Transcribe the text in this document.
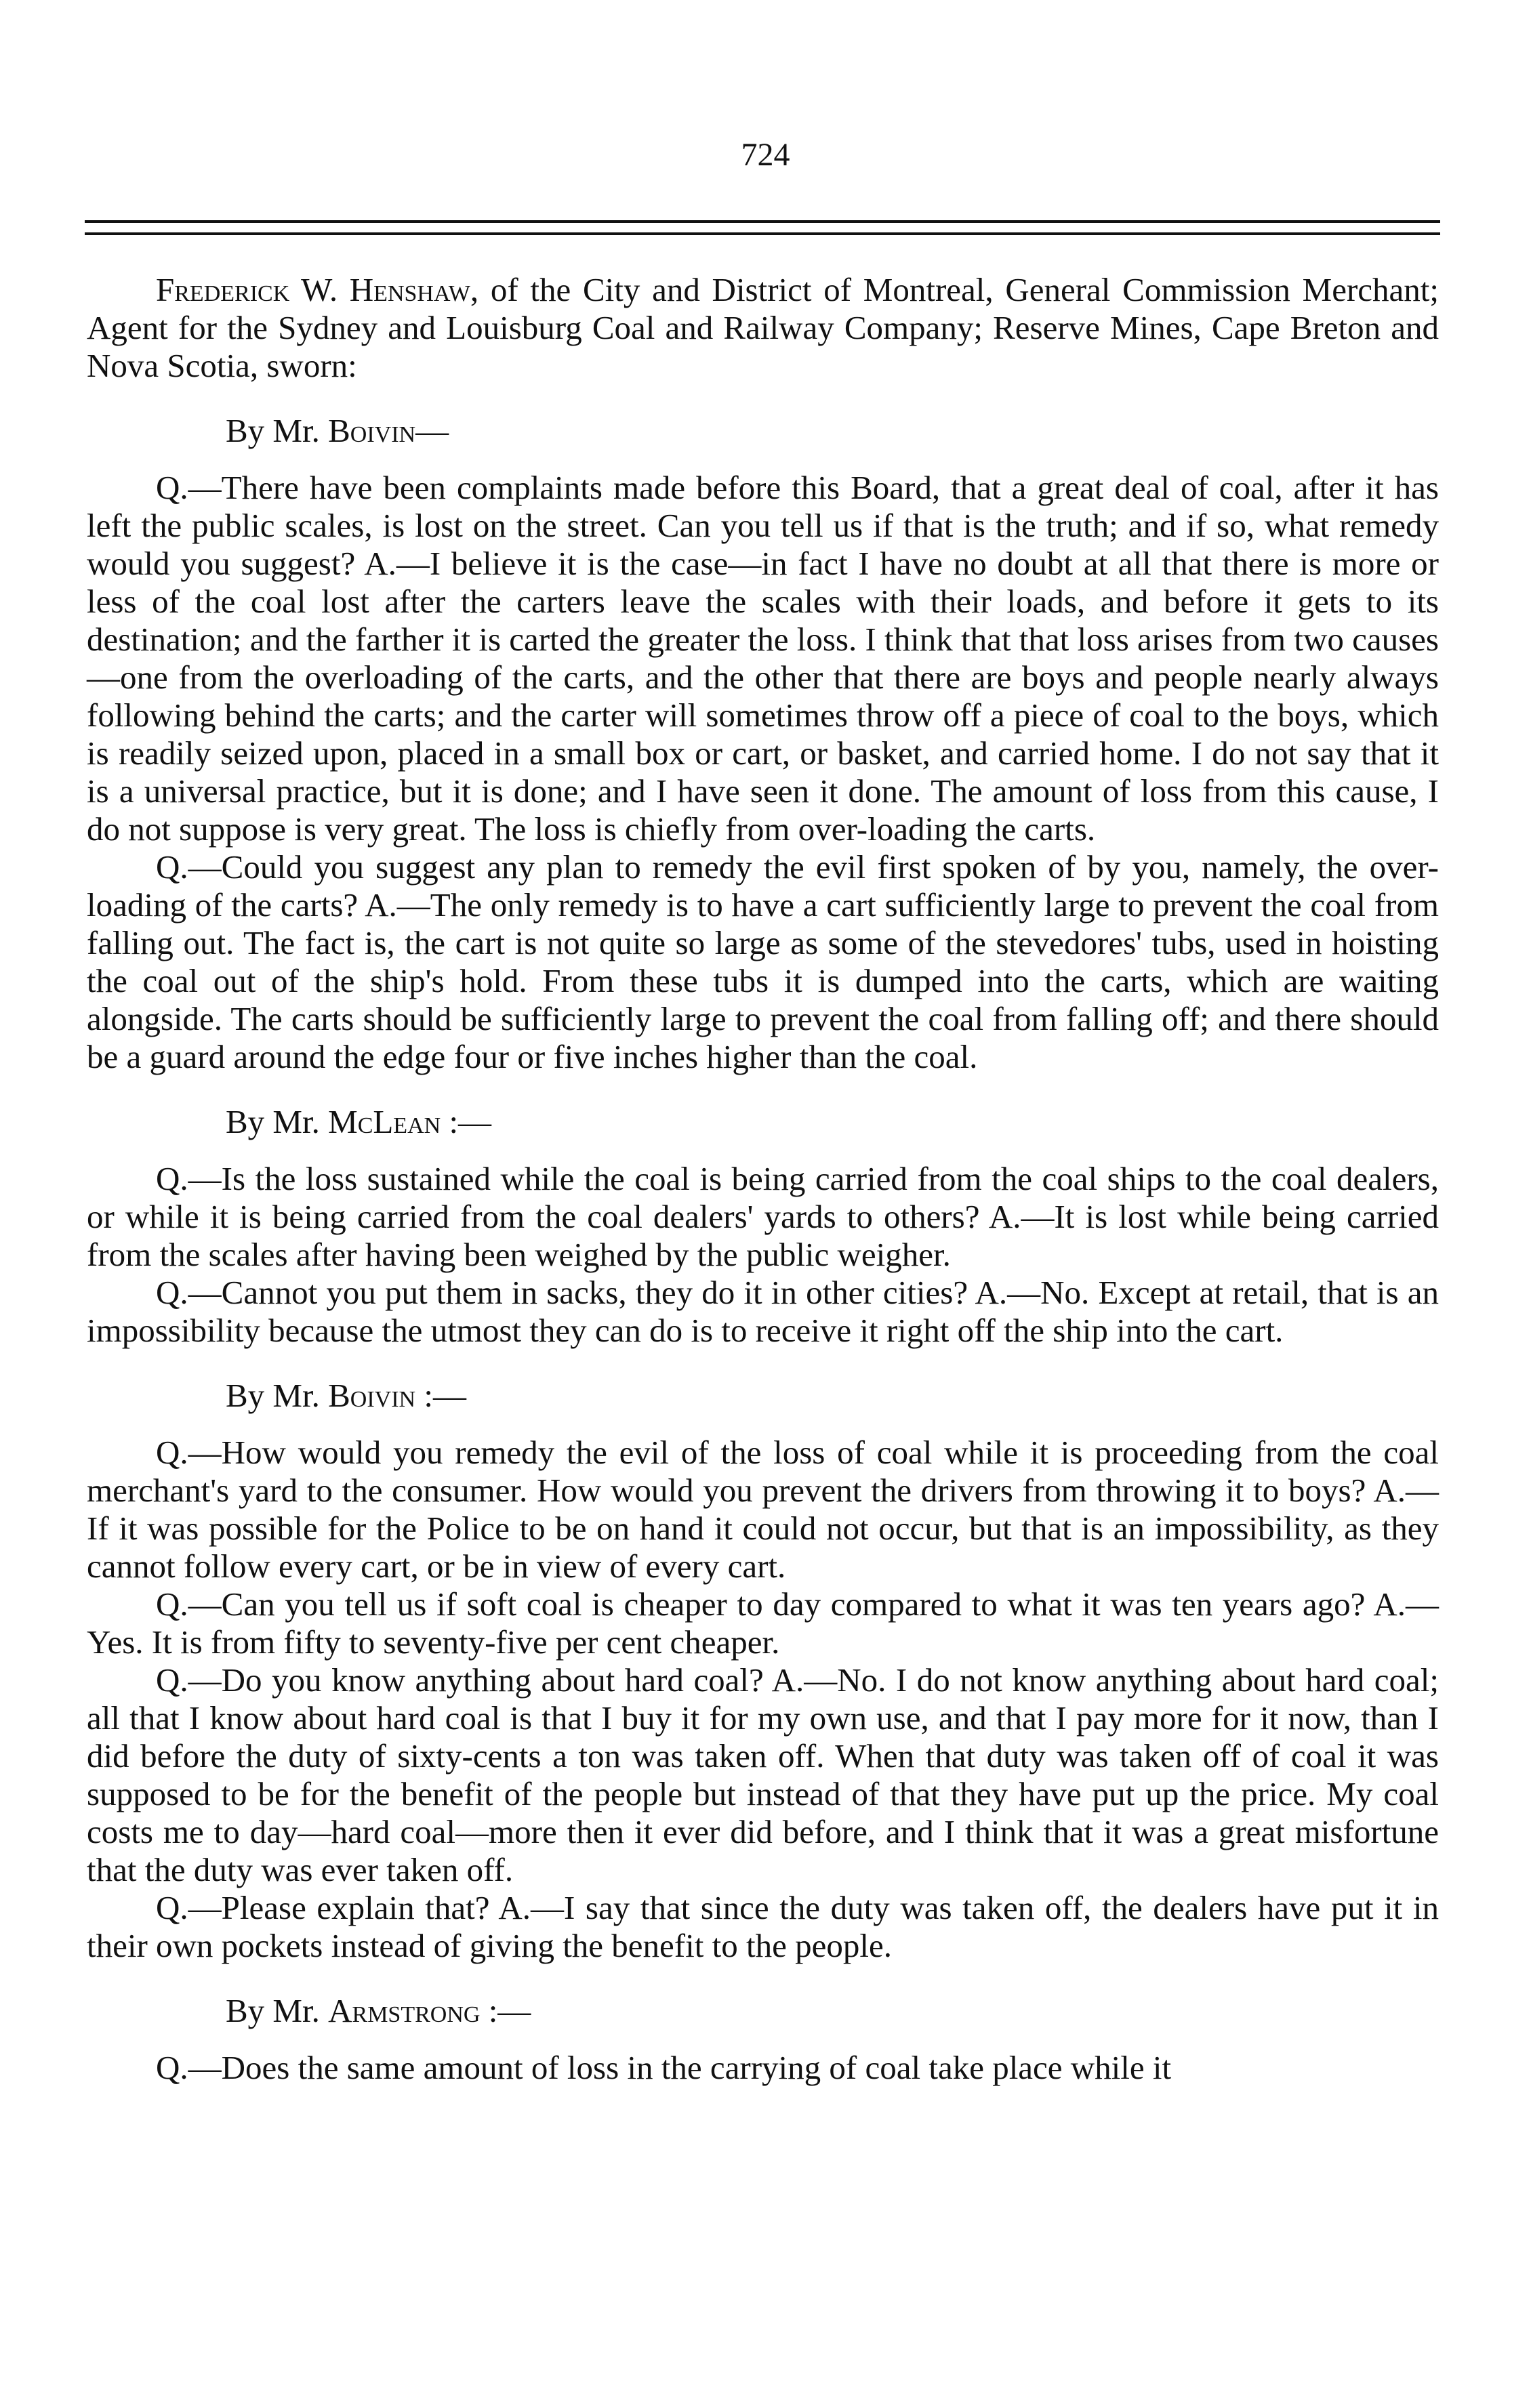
724

Frederick W. Henshaw, of the City and District of Montreal, General Commission Merchant; Agent for the Sydney and Louisburg Coal and Railway Company; Reserve Mines, Cape Breton and Nova Scotia, sworn:

By Mr. Boivin—

Q.—There have been complaints made before this Board, that a great deal of coal, after it has left the public scales, is lost on the street. Can you tell us if that is the truth; and if so, what remedy would you suggest? A.—I believe it is the case—in fact I have no doubt at all that there is more or less of the coal lost after the carters leave the scales with their loads, and before it gets to its destination; and the farther it is carted the greater the loss. I think that that loss arises from two causes—one from the overloading of the carts, and the other that there are boys and people nearly always following behind the carts; and the carter will sometimes throw off a piece of coal to the boys, which is readily seized upon, placed in a small box or cart, or basket, and carried home. I do not say that it is a universal practice, but it is done; and I have seen it done. The amount of loss from this cause, I do not suppose is very great. The loss is chiefly from over-loading the carts.

Q.—Could you suggest any plan to remedy the evil first spoken of by you, namely, the over-loading of the carts? A.—The only remedy is to have a cart sufficiently large to prevent the coal from falling out. The fact is, the cart is not quite so large as some of the stevedores' tubs, used in hoisting the coal out of the ship's hold. From these tubs it is dumped into the carts, which are waiting alongside. The carts should be sufficiently large to prevent the coal from falling off; and there should be a guard around the edge four or five inches higher than the coal.

By Mr. McLean :—

Q.—Is the loss sustained while the coal is being carried from the coal ships to the coal dealers, or while it is being carried from the coal dealers' yards to others? A.—It is lost while being carried from the scales after having been weighed by the public weigher.

Q.—Cannot you put them in sacks, they do it in other cities? A.—No. Except at retail, that is an impossibility because the utmost they can do is to receive it right off the ship into the cart.

By Mr. Boivin :—

Q.—How would you remedy the evil of the loss of coal while it is proceeding from the coal merchant's yard to the consumer. How would you prevent the drivers from throwing it to boys? A.—If it was possible for the Police to be on hand it could not occur, but that is an impossibility, as they cannot follow every cart, or be in view of every cart.

Q.—Can you tell us if soft coal is cheaper to day compared to what it was ten years ago? A.—Yes. It is from fifty to seventy-five per cent cheaper.

Q.—Do you know anything about hard coal? A.—No. I do not know anything about hard coal; all that I know about hard coal is that I buy it for my own use, and that I pay more for it now, than I did before the duty of sixty-cents a ton was taken off. When that duty was taken off of coal it was supposed to be for the benefit of the people but instead of that they have put up the price. My coal costs me to day—hard coal—more then it ever did before, and I think that it was a great misfortune that the duty was ever taken off.

Q.—Please explain that? A.—I say that since the duty was taken off, the dealers have put it in their own pockets instead of giving the benefit to the people.

By Mr. Armstrong :—

Q.—Does the same amount of loss in the carrying of coal take place while it
